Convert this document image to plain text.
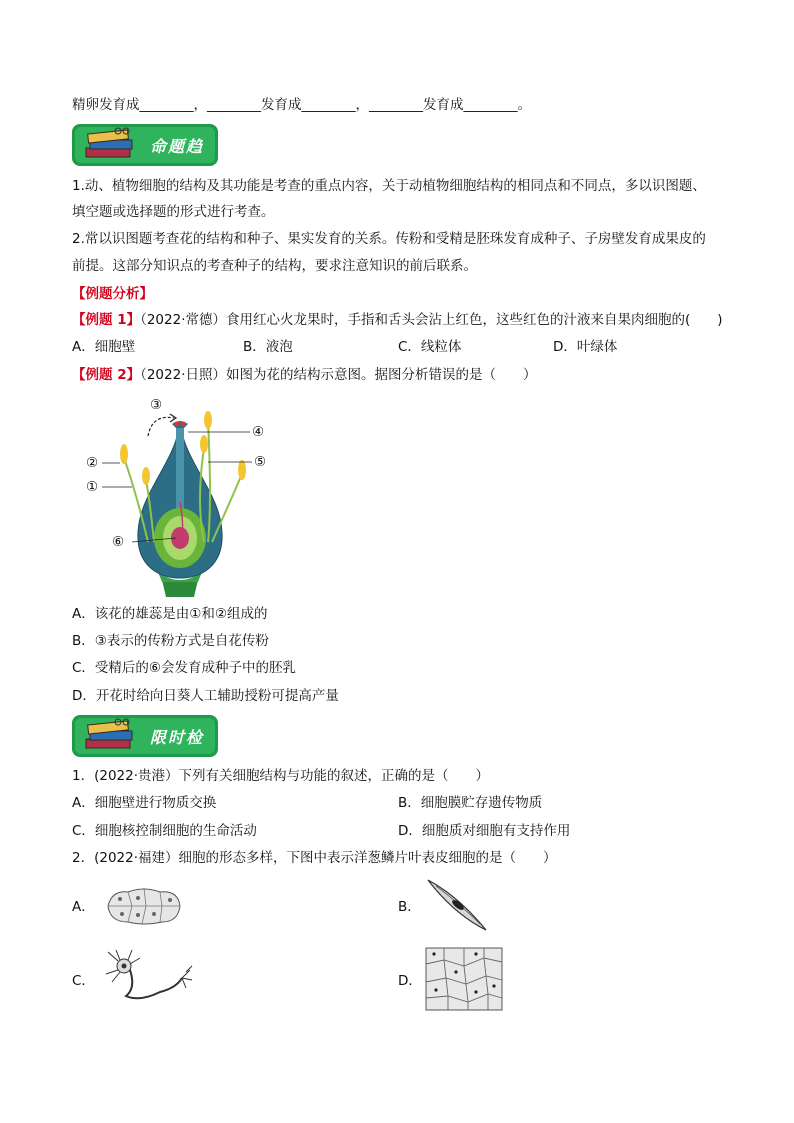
精卵发育成________，________发育成________，________发育成________。
命题趋
1.动、植物细胞的结构及其功能是考查的重点内容，关于动植物细胞结构的相同点和不同点，多以识图题、
填空题或选择题的形式进行考查。
2.常以识图题考查花的结构和种子、果实发育的关系。传粉和受精是胚珠发育成种子、子房壁发育成果皮的
前提。这部分知识点的考查种子的结构，要求注意知识的前后联系。
【例题分析】
【例题 1】（2022·常德）食用红心火龙果时，手指和舌头会沾上红色，这些红色的汁液来自果肉细胞的(　　)
A．细胞壁	B．液泡	C．线粒体	D．叶绿体
【例题 2】（2022·日照）如图为花的结构示意图。据图分析错误的是（　　）
③
④
②	⑤
①
⑥
A．该花的雄蕊是由①和②组成的
B．③表示的传粉方式是自花传粉
C．受精后的⑥会发育成种子中的胚乳
D．开花时给向日葵人工辅助授粉可提高产量
限时检
1．(2022·贵港）下列有关细胞结构与功能的叙述，正确的是（　　）
A．细胞壁进行物质交换	B．细胞膜贮存遗传物质
C．细胞核控制细胞的生命活动	D．细胞质对细胞有支持作用
2．(2022·福建）细胞的形态多样，下图中表示洋葱鳞片叶表皮细胞的是（　　）
A．	B．
C．	D．
